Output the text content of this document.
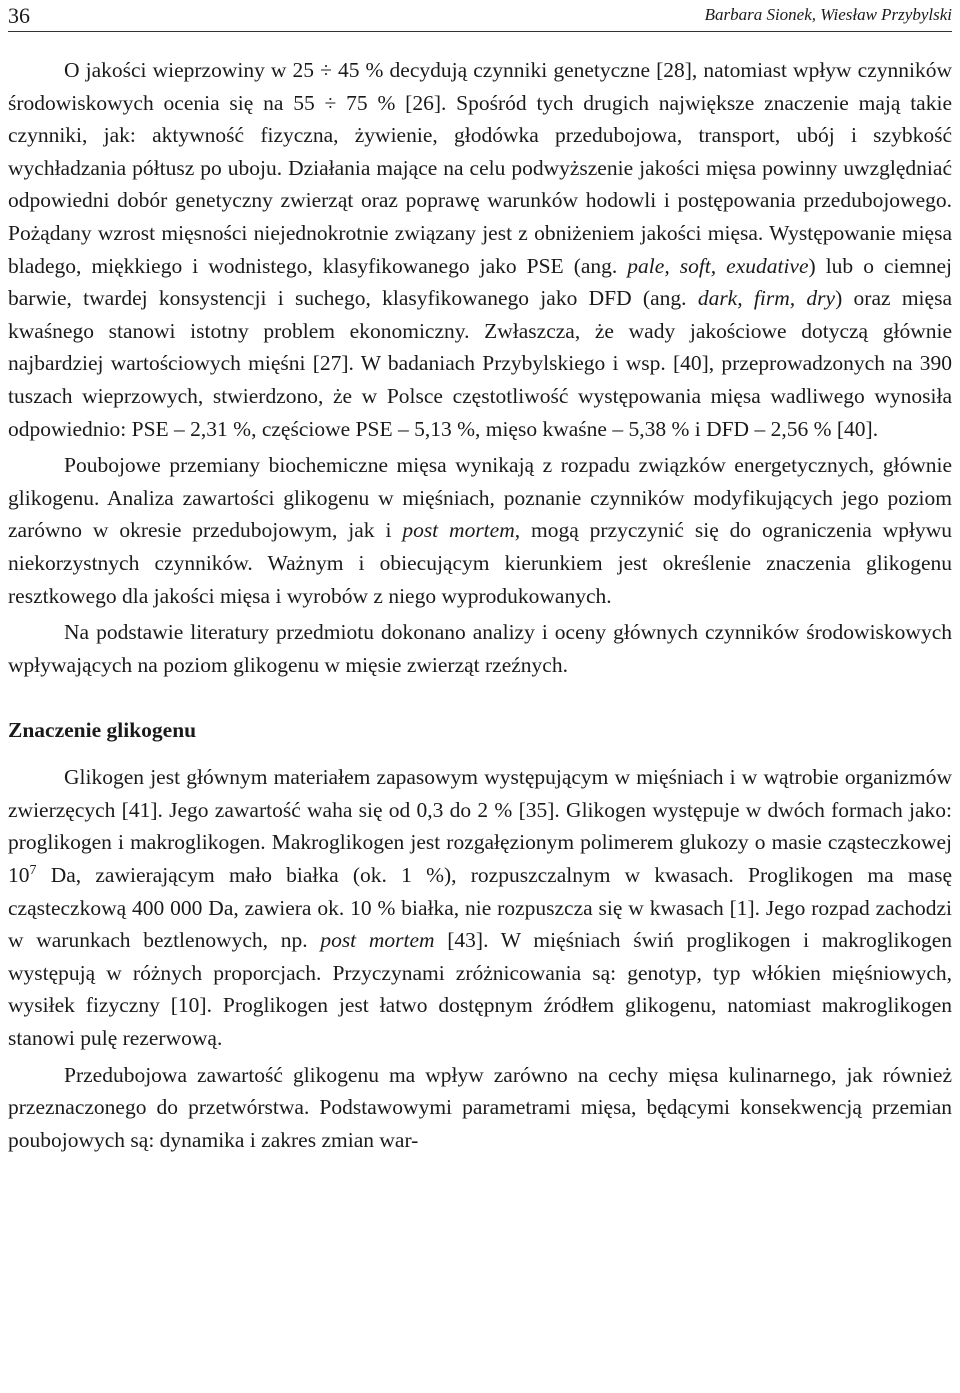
36	Barbara Sionek, Wiesław Przybylski

O jakości wieprzowiny w 25 ÷ 45 % decydują czynniki genetyczne [28], natomiast wpływ czynników środowiskowych ocenia się na 55 ÷ 75 % [26]. Spośród tych drugich największe znaczenie mają takie czynniki, jak: aktywność fizyczna, żywienie, głodówka przedubojowa, transport, ubój i szybkość wychładzania półtusz po uboju. Działania mające na celu podwyższenie jakości mięsa powinny uwzględniać odpowiedni dobór genetyczny zwierząt oraz poprawę warunków hodowli i postępowania przedubojowego. Pożądany wzrost mięsności niejednokrotnie związany jest z obniżeniem jakości mięsa. Występowanie mięsa bladego, miękkiego i wodnistego, klasyfikowanego jako PSE (ang. pale, soft, exudative) lub o ciemnej barwie, twardej konsystencji i suchego, klasyfikowanego jako DFD (ang. dark, firm, dry) oraz mięsa kwaśnego stanowi istotny problem ekonomiczny. Zwłaszcza, że wady jakościowe dotyczą głównie najbardziej wartościowych mięśni [27]. W badaniach Przybylskiego i wsp. [40], przeprowadzonych na 390 tuszach wieprzowych, stwierdzono, że w Polsce częstotliwość występowania mięsa wadliwego wynosiła odpowiednio: PSE – 2,31 %, częściowe PSE – 5,13 %, mięso kwaśne – 5,38 % i DFD – 2,56 % [40].

Poubojowe przemiany biochemiczne mięsa wynikają z rozpadu związków energetycznych, głównie glikogenu. Analiza zawartości glikogenu w mięśniach, poznanie czynników modyfikujących jego poziom zarówno w okresie przedubojowym, jak i post mortem, mogą przyczynić się do ograniczenia wpływu niekorzystnych czynników. Ważnym i obiecującym kierunkiem jest określenie znaczenia glikogenu resztkowego dla jakości mięsa i wyrobów z niego wyprodukowanych.

Na podstawie literatury przedmiotu dokonano analizy i oceny głównych czynników środowiskowych wpływających na poziom glikogenu w mięsie zwierząt rzeźnych.

Znaczenie glikogenu

Glikogen jest głównym materiałem zapasowym występującym w mięśniach i w wątrobie organizmów zwierzęcych [41]. Jego zawartość waha się od 0,3 do 2 % [35]. Glikogen występuje w dwóch formach jako: proglikogen i makroglikogen. Makroglikogen jest rozgałęzionym polimerem glukozy o masie cząsteczkowej $10^7$ Da, zawierającym mało białka (ok. 1 %), rozpuszczalnym w kwasach. Proglikogen ma masę cząsteczkową 400 000 Da, zawiera ok. 10 % białka, nie rozpuszcza się w kwasach [1]. Jego rozpad zachodzi w warunkach beztlenowych, np. post mortem [43]. W mięśniach świń proglikogen i makroglikogen występują w różnych proporcjach. Przyczynami zróżnicowania są: genotyp, typ włókien mięśniowych, wysiłek fizyczny [10]. Proglikogen jest łatwo dostępnym źródłem glikogenu, natomiast makroglikogen stanowi pulę rezerwową.

Przedubojowa zawartość glikogenu ma wpływ zarówno na cechy mięsa kulinarnego, jak również przeznaczonego do przetwórstwa. Podstawowymi parametrami mięsa, będącymi konsekwencją przemian poubojowych są: dynamika i zakres zmian war-
